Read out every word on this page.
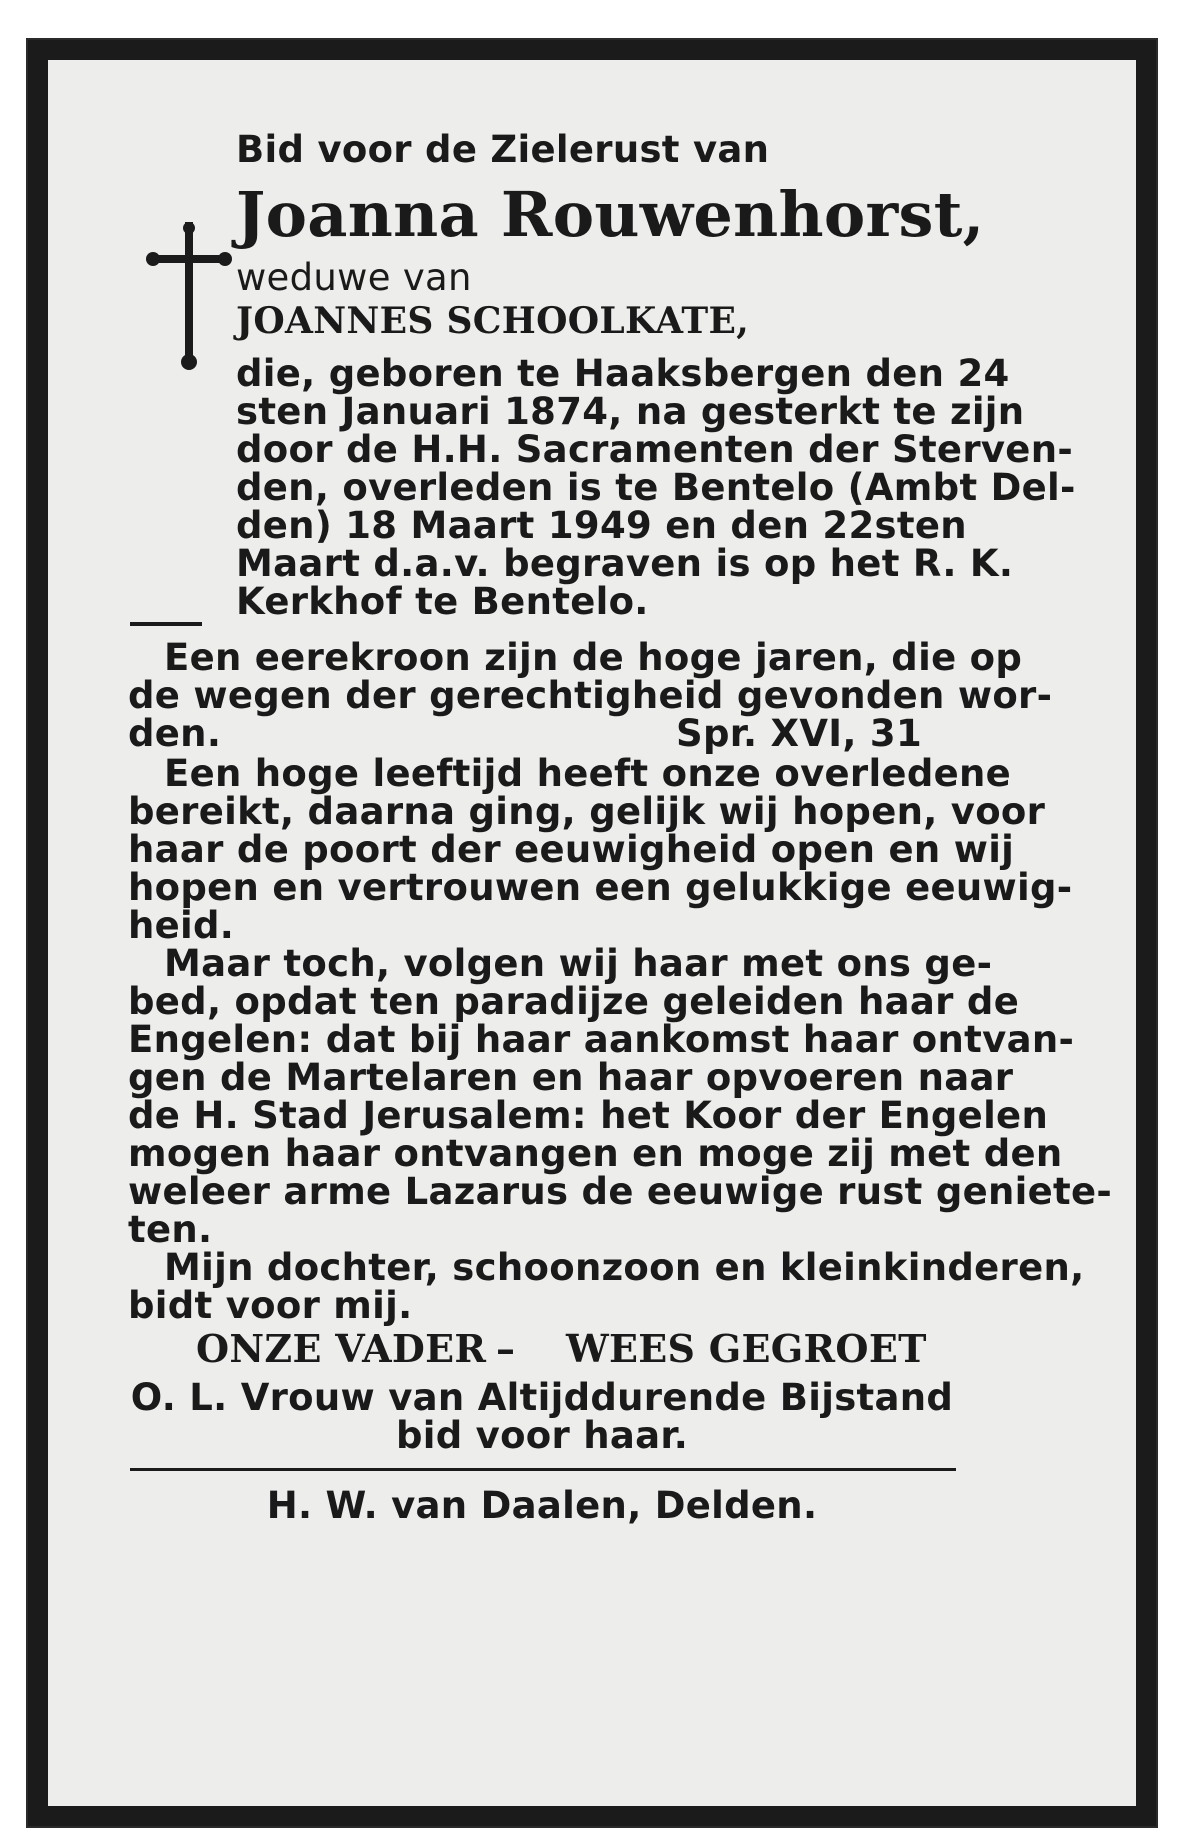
Bid voor de Zielerust van
Joanna Rouwenhorst,
weduwe van
JOANNES SCHOOLKATE,
die, geboren te Haaksbergen den 24
sten Januari 1874, na gesterkt te zijn
door de H.H. Sacramenten der Sterven-
den, overleden is te Bentelo (Ambt Del-
den) 18 Maart 1949 en den 22sten
Maart d.a.v. begraven is op het R. K.
Kerkhof te Bentelo.
Een eerekroon zijn de hoge jaren, die op
de wegen der gerechtigheid gevonden wor-
den.	Spr. XVI, 31
Een hoge leeftijd heeft onze overledene
bereikt, daarna ging, gelijk wij hopen, voor
haar de poort der eeuwigheid open en wij
hopen en vertrouwen een gelukkige eeuwig-
heid.
Maar toch, volgen wij haar met ons ge-
bed, opdat ten paradijze geleiden haar de
Engelen: dat bij haar aankomst haar ontvan-
gen de Martelaren en haar opvoeren naar
de H. Stad Jerusalem: het Koor der Engelen
mogen haar ontvangen en moge zij met den
weleer arme Lazarus de eeuwige rust geniete-
ten.
Mijn dochter, schoonzoon en kleinkinderen,
bidt voor mij.
ONZE VADER – WEES GEGROET
O. L. Vrouw van Altijddurende Bijstand
bid voor haar.
H. W. van Daalen, Delden.
